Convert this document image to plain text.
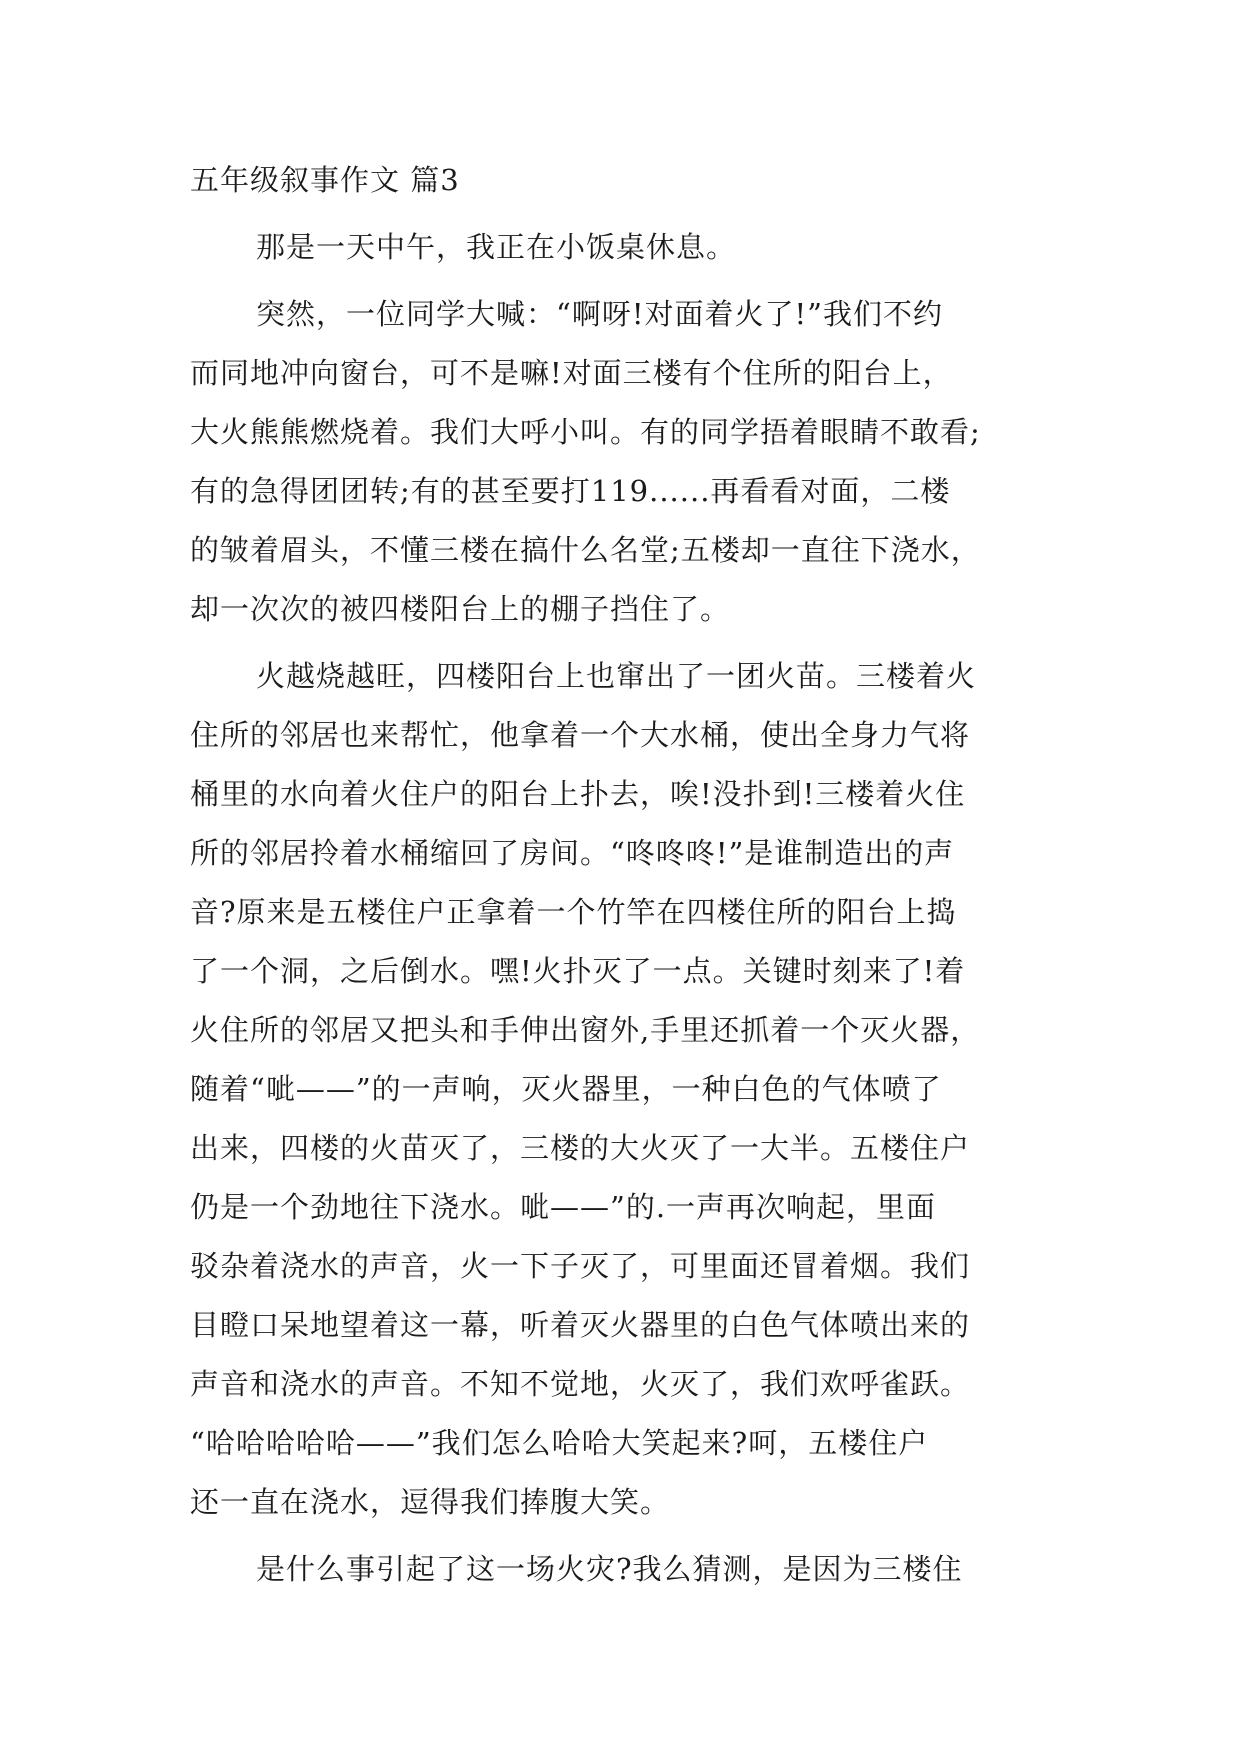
五年级叙事作文 篇3
那是一天中午，我正在小饭桌休息。
突然，一位同学大喊：“啊呀!对面着火了!”我们不约
而同地冲向窗台，可不是嘛!对面三楼有个住所的阳台上，
大火熊熊燃烧着。我们大呼小叫。有的同学捂着眼睛不敢看;
有的急得团团转;有的甚至要打119......再看看对面，二楼
的皱着眉头，不懂三楼在搞什么名堂;五楼却一直往下浇水，
却一次次的被四楼阳台上的棚子挡住了。
火越烧越旺，四楼阳台上也窜出了一团火苗。三楼着火
住所的邻居也来帮忙，他拿着一个大水桶，使出全身力气将
桶里的水向着火住户的阳台上扑去，唉!没扑到!三楼着火住
所的邻居拎着水桶缩回了房间。“咚咚咚!”是谁制造出的声
音?原来是五楼住户正拿着一个竹竿在四楼住所的阳台上捣
了一个洞，之后倒水。嘿!火扑灭了一点。关键时刻来了!着
火住所的邻居又把头和手伸出窗外,手里还抓着一个灭火器，
随着“呲——”的一声响，灭火器里，一种白色的气体喷了
出来，四楼的火苗灭了，三楼的大火灭了一大半。五楼住户
仍是一个劲地往下浇水。呲——”的.一声再次响起，里面
驳杂着浇水的声音，火一下子灭了，可里面还冒着烟。我们
目瞪口呆地望着这一幕，听着灭火器里的白色气体喷出来的
声音和浇水的声音。不知不觉地，火灭了，我们欢呼雀跃。
“哈哈哈哈哈——”我们怎么哈哈大笑起来?呵，五楼住户
还一直在浇水，逗得我们捧腹大笑。
是什么事引起了这一场火灾?我么猜测，是因为三楼住
